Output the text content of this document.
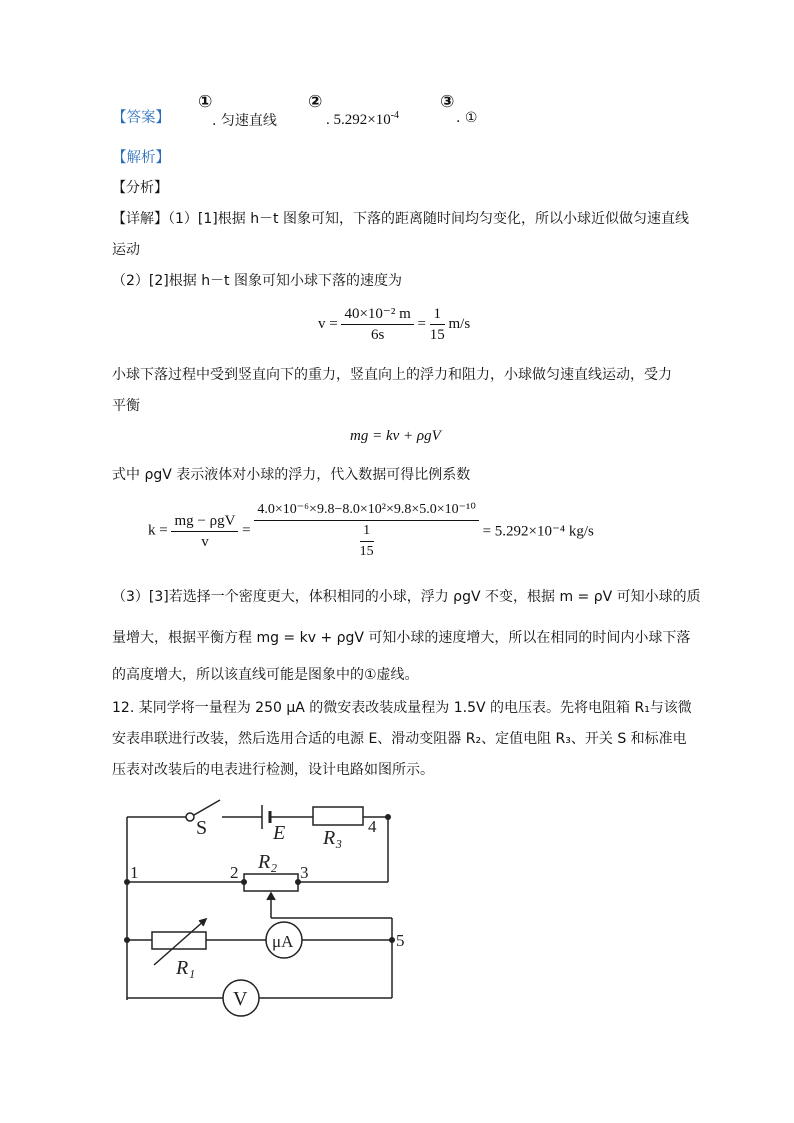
【答案】
①
. 匀速直线
②
. $5.292\times 10^{-4}$
③
. ①
【解析】
【分析】
【详解】（1）[1]根据 h－t 图象可知，下落的距离随时间均匀变化，所以小球近似做匀速直线
运动
（2）[2]根据 h－t 图象可知小球下落的速度为
$v = \frac{\text{40×10⁻² m}}{6s} = \frac{1}{15} m/s$
小球下落过程中受到竖直向下的重力，竖直向上的浮力和阻力，小球做匀速直线运动，受力
平衡
mg = kv + ρgV
式中 ρgV 表示液体对小球的浮力，代入数据可得比例系数
$k = \frac{\text{mg − ρgV}}{v} = \frac{\text{4.0×10⁻⁶×9.8−8.0×10²×9.8×5.0×10⁻¹⁰}}{\frac{1}{15}} = 5.292\times 10^{-4}$ kg/s
（3）[3]若选择一个密度更大，体积相同的小球，浮力 ρgV 不变，根据 m = ρV 可知小球的质
量增大，根据平衡方程 mg = kv + ρgV 可知小球的速度增大，所以在相同的时间内小球下落
的高度增大，所以该直线可能是图象中的①虚线。
12. 某同学将一量程为 250 μA 的微安表改装成量程为 1.5V 的电压表。先将电阻箱 R₁与该微
安表串联进行改装，然后选用合适的电源 E、滑动变阻器 R₂、定值电阻 R₃、开关 S 和标准电
压表对改装后的电表进行检测，设计电路如图所示。
S	E R₃
R₂
R₁
μA
V
1	2	3
4
5
